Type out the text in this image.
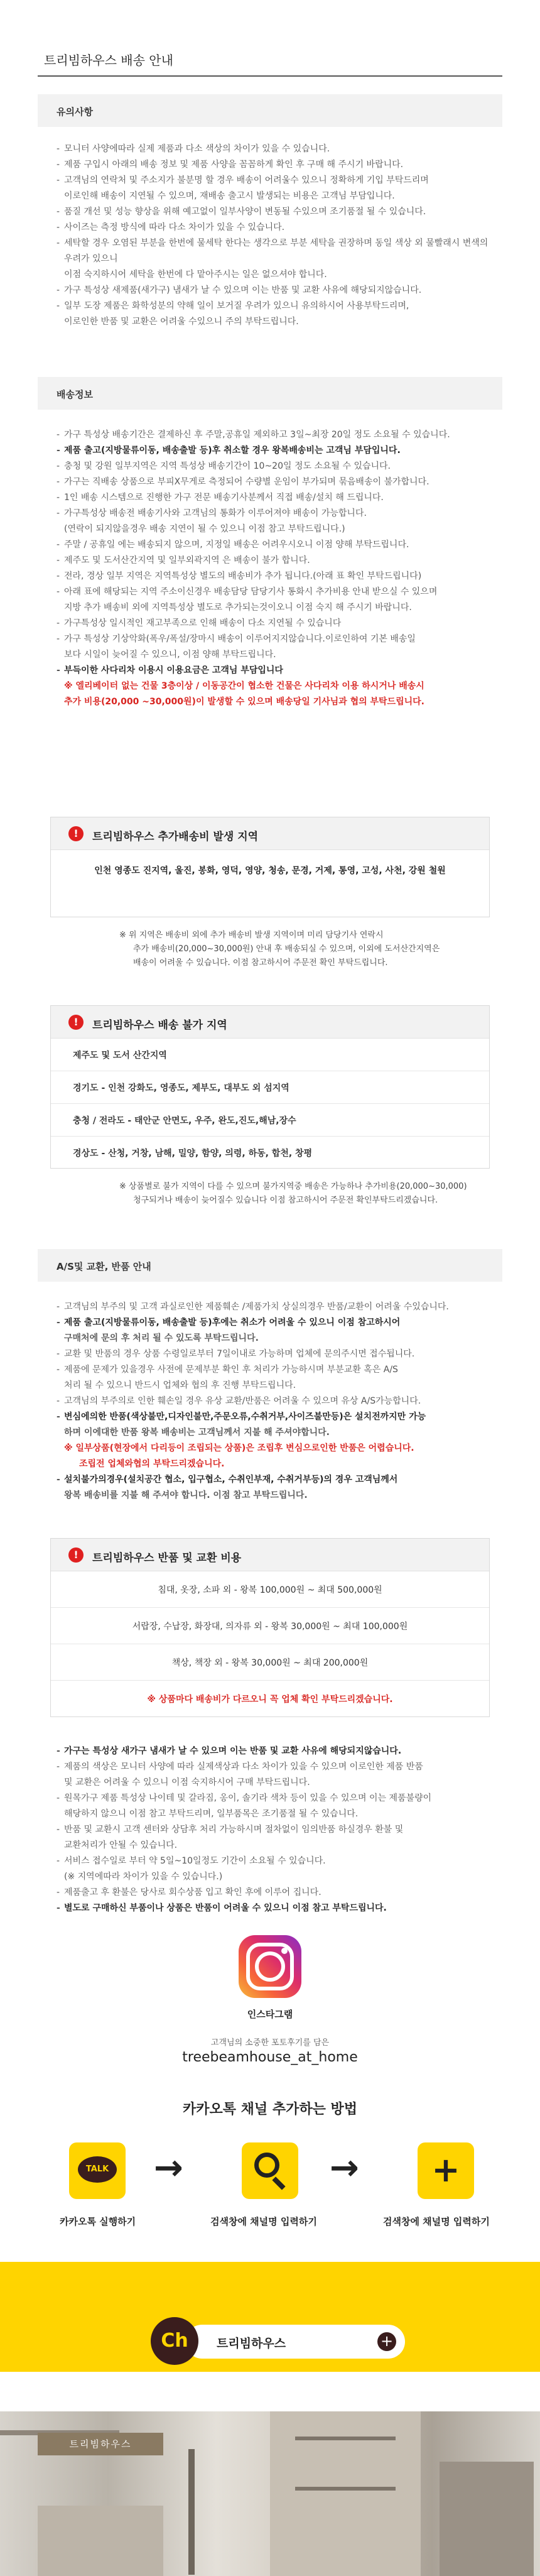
트리빔하우스 배송 안내
유의사항
- 모니터 사양에따라 실제 제품과 다소 색상의 차이가 있을 수 있습니다.
- 제품 구입시 아래의 배송 정보 및 제품 사양을 꼼꼼하게 확인 후 구매 해 주시기 바랍니다.
- 고객님의 연락처 및 주소지가 불분명 할 경우 배송이 어려울수 있으니 정확하게 기입 부탁드리며
이로인해 배송이 지연될 수 있으며, 재배송 출고시 발생되는 비용은 고객님 부담입니다.
- 품질 개선 및 성능 향상을 위해 예고없이 일부사양이 변동될 수있으며 조기품절 될 수 있습니다.
- 사이즈는 측정 방식에 따라 다소 차이가 있을 수 있습니다.
- 세탁할 경우 오염된 부분을 한번에 물세탁 한다는 생각으로 부분 세탁을 권장하며 동일 색상 외 물빨래시 변색의 우려가 있으니
이점 숙지하시어 세탁을 한번에 다 맡아주시는 일은 없으셔야 합니다.
- 가구 특성상 새제품(새가구) 냄새가 날 수 있으며 이는 반품 및 교환 사유에 해당되지않습니다.
- 일부 도장 제품은 화학성분의 약해 일이 보거질 우려가 있으니 유의하시어 사용부탁드리며,
이로인한 반품 및 교환은 어려울 수있으니 주의 부탁드립니다.
배송정보
- 가구 특성상 배송기간은 결제하신 후 주말,공휴일 제외하고 3일~최장 20일 정도 소요될 수 있습니다.
- 제품 출고(지방물류이동, 배송출발 등)후 취소할 경우 왕복배송비는 고객님 부담입니다.
- 충청 및 강원 일부지역은 지역 특성상 배송기간이 10~20일 정도 소요될 수 있습니다.
- 가구는 직배송 상품으로 부피X무게로 측정되어 수량별 운임이 부가되며 묶음배송이 불가합니다.
- 1인 배송 시스템으로 진행한 가구 전문 배송기사분께서 직접 배송/설치 해 드립니다.
- 가구특성상 배송전 배송기사와 고객님의 통화가 이루어져야 배송이 가능합니다.
(연락이 되지않을경우 배송 지연이 될 수 있으니 이점 참고 부탁드립니다.)
- 주말 / 공휴일 에는 배송되지 않으며, 지정일 배송은 어려우시오니 이점 양해 부탁드립니다.
- 제주도 및 도서산간지역 및 일부외곽지역 은 배송이 불가 합니다.
- 전라, 경상 일부 지역은 지역특성상 별도의 배송비가 추가 됩니다.(아래 표 확인 부탁드립니다)
- 아래 표에 해당되는 지역 주소이신경우 배송담당 담당기사 통화시 추가비용 안내 받으실 수 있으며
지방 추가 배송비 외에 지역특성상 별도로 추가되는것이오니 이점 숙지 해 주시기 바랍니다.
- 가구특성상 일시적인 재고부족으로 인해 배송이 다소 지연될 수 있습니다
- 가구 특성상 기상악화(폭우/폭설/장마시 배송이 이루어지지않습니다.이로인하여 기본 배송일
보다 시일이 늦어질 수 있으니, 이점 양해 부탁드립니다.
- 부득이한 사다리차 이용시 이용요금은 고객님 부담입니다
※ 엘리베이터 없는 건물 3층이상 / 이동공간이 협소한 건물은 사다리차 이용 하시거나 배송시
추가 비용(20,000 ~30,000원)이 발생할 수 있으며 배송당일 기사님과 협의 부탁드립니다.
!	트리빔하우스 추가배송비 발생 지역
인천 영종도 진지역, 울진, 봉화, 영덕, 영양, 청송, 문경, 거제, 통영, 고성, 사천, 강원 철원
※ 위 지역은 배송비 외에 추가 배송비 발생 지역이며 미리 담당기사 연락시
추가 배송비(20,000~30,000원) 안내 후 배송되실 수 있으며, 이외에 도서산간지역은
배송이 어려울 수 있습니다. 이점 참고하시어 주문전 확인 부탁드립니다.
!	트리빔하우스 배송 불가 지역
제주도 및 도서 산간지역
경기도 - 인천 강화도, 영종도, 제부도, 대부도 외 섬지역
충청 / 전라도 - 태안군 안면도, 우주, 완도,진도,해남,장수
경상도 - 산청, 거창, 남해, 밀양, 함양, 의령, 하동, 합천, 창평
※ 상품별로 불가 지역이 다를 수 있으며 불가지역중 배송은 가능하나 추가비용(20,000~30,000)
청구되거나 배송이 늦어질수 있습니다 이점 참고하시어 주문전 확인부탁드리겠습니다.
A/S및 교환, 반품 안내
- 고객님의 부주의 및 고객 과실로인한 제품훼손 /제품가치 상실의경우 반품/교환이 어려울 수있습니다.
- 제품 출고(지방물류이동, 배송출발 등)후에는 취소가 어려울 수 있으니 이점 참고하시어
구매처에 문의 후 처리 될 수 있도록 부탁드립니다.
- 교환 및 반품의 경우 상품 수령일로부터 7일이내로 가능하며 업체에 문의주시면 접수됩니다.
- 제품에 문제가 있을경우 사전에 문제부분 확인 후 처리가 가능하시며 부분교환 혹은 A/S
처리 될 수 있으니 반드시 업체와 협의 후 진행 부탁드립니다.
- 고객님의 부주의로 인한 훼손일 경우 유상 교환/반품은 어려울 수 있으며 유상 A/S가능합니다.
- 변심에의한 반품(색상불만,디자인불만,주문오류,수취거부,사이즈불만등)은 설치전까지만 가능
하며 이에대한 반품 왕복 배송비는 고객님께서 지불 해 주셔야합니다.
※ 일부상품(현장에서 다리등이 조립되는 상품)은 조립후 변심으로인한 반품은 어렵습니다.
조립전 업체와협의 부탁드리겠습니다.
- 설치불가의경우(설치공간 협소, 입구협소, 수취인부재, 수취거부등)의 경우 고객님께서
왕복 배송비를 지불 해 주셔야 합니다. 이점 참고 부탁드립니다.
!	트리빔하우스 반품 및 교환 비용
침대, 옷장, 소파 외 - 왕복 100,000원 ~ 최대 500,000원
서랍장, 수납장, 화장대, 의자류 외 - 왕복 30,000원 ~ 최대 100,000원
책상, 책장 외 - 왕복 30,000원 ~ 최대 200,000원
※ 상품마다 배송비가 다르오니 꼭 업체 확인 부탁드리겠습니다.
- 가구는 특성상 새가구 냄새가 날 수 있으며 이는 반품 및 교환 사유에 해당되지않습니다.
- 제품의 색상은 모니터 사양에 따라 실제색상과 다소 차이가 있을 수 있으며 이로인한 제품 반품
및 교환은 어려울 수 있으니 이점 숙지하시어 구매 부탁드립니다.
- 원목가구 제품 특성상 나이테 및 갈라짐, 옹이, 솔기라 색차 등이 있을 수 있으며 이는 제품불량이
해당하지 않으니 이점 참고 부탁드리며, 일부품목은 조기품절 될 수 있습니다.
- 반품 및 교환시 고객 센터와 상담후 처리 가능하시며 절차없이 임의반품 하실경우 환불 및
교환처리가 안될 수 있습니다.
- 서비스 접수일로 부터 약 5일~10일정도 기간이 소요될 수 있습니다.
(※ 지역에따라 차이가 있을 수 있습니다.)
- 제품출고 후 환불은 당사로 회수상품 입고 확인 후에 이루어 집니다.
- 별도로 구매하신 부품이나 상품은 반품이 어려울 수 있으니 이점 참고 부탁드립니다.
인스타그램
고객님의 소중한 포토후기를 담은
treebeamhouse_at_home
카카오톡 채널 추가하는 방법
TALK →	→	+
카카오톡 실행하기	검색창에 채널명 입력하기	검색창에 채널명 입력하기
트리빔하우스	+
Ch
트리빔하우스
